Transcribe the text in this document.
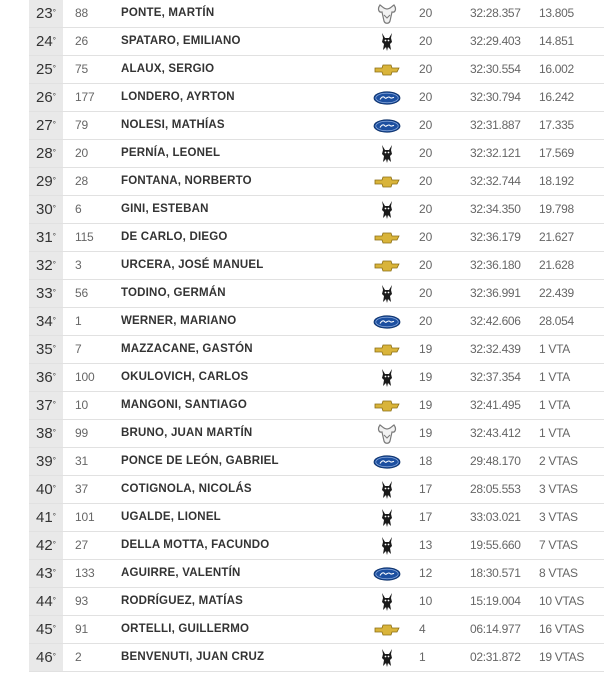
23°	88	PONTE, MARTÍN	20	32:28.357 13.805
24°	26	SPATARO, EMILIANO	20	32:29.403 14.851
25°	75	ALAUX, SERGIO	20	32:30.554 16.002
26°	177 LONDERO, AYRTON	20	32:30.794 16.242
27°	79	NOLESI, MATHÍAS	20	32:31.887 17.335
28°	20	PERNÍA, LEONEL	20	32:32.121 17.569
29°	28	FONTANA, NORBERTO	20	32:32.744 18.192
30°	6	GINI, ESTEBAN	20	32:34.350 19.798
31°	115 DE CARLO, DIEGO	20	32:36.179 21.627
32°	3	URCERA, JOSÉ MANUEL	20	32:36.180 21.628
33°	56	TODINO, GERMÁN	20	32:36.991 22.439
34°	1	WERNER, MARIANO	20	32:42.606 28.054
35°	7	MAZZACANE, GASTÓN	19	32:32.439 1 VTA
36°	100 OKULOVICH, CARLOS	19	32:37.354 1 VTA
37°	10	MANGONI, SANTIAGO	19	32:41.495 1 VTA
38°	99	BRUNO, JUAN MARTÍN	19	32:43.412 1 VTA
39°	31	PONCE DE LEÓN, GABRIEL	18	29:48.170 2 VTAS
40°	37	COTIGNOLA, NICOLÁS	17	28:05.553 3 VTAS
41°	101 UGALDE, LIONEL	17	33:03.021 3 VTAS
42°	27	DELLA MOTTA, FACUNDO	13	19:55.660 7 VTAS
43°	133 AGUIRRE, VALENTÍN	12	18:30.571 8 VTAS
44°	93	RODRÍGUEZ, MATÍAS	10	15:19.004 10 VTAS
45°	91	ORTELLI, GUILLERMO	4	06:14.977 16 VTAS
46°	2	BENVENUTI, JUAN CRUZ	1	02:31.872 19 VTAS
